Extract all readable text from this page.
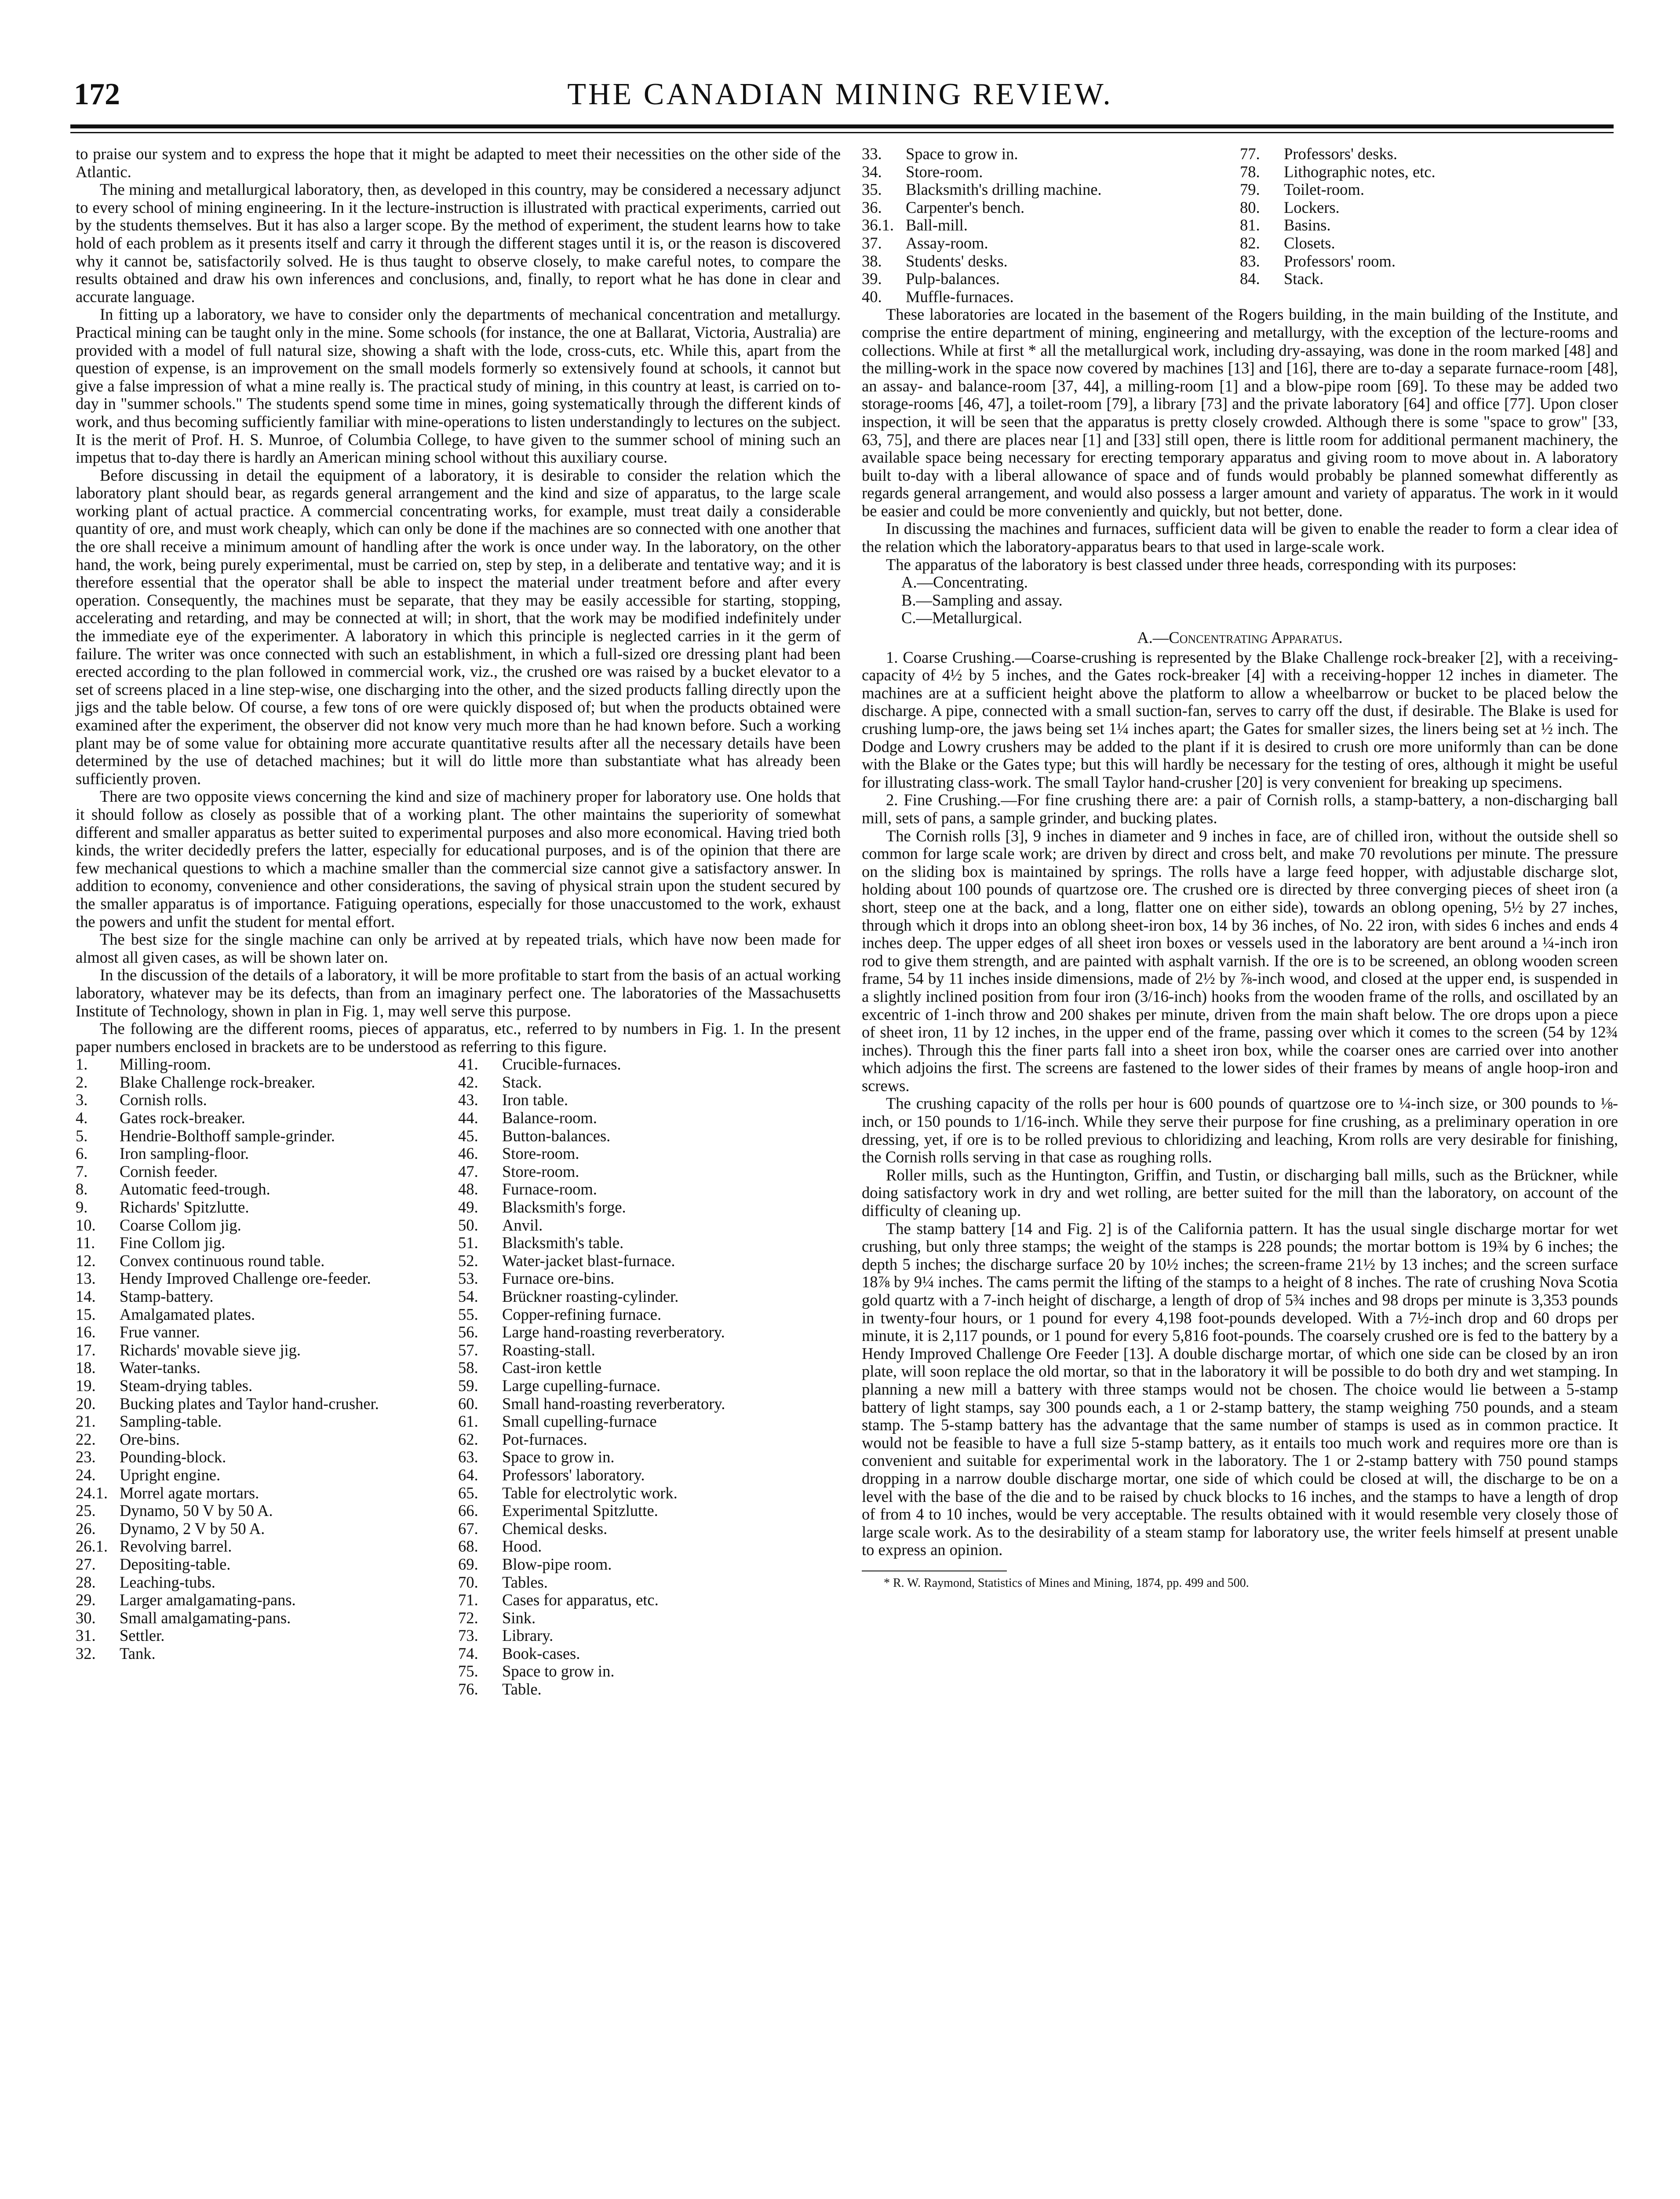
172	THE CANADIAN MINING REVIEW.

to praise our system and to express the hope that it might be adapted to meet their necessities on the other side of the Atlantic.

The mining and metallurgical laboratory, then, as developed in this country, may be considered a necessary adjunct to every school of mining engineering. In it the lecture-instruction is illustrated with practical experiments, carried out by the students themselves. But it has also a larger scope. By the method of experiment, the student learns how to take hold of each problem as it presents itself and carry it through the different stages until it is, or the reason is discovered why it cannot be, satisfactorily solved. He is thus taught to observe closely, to make careful notes, to compare the results obtained and draw his own inferences and conclusions, and, finally, to report what he has done in clear and accurate language.

In fitting up a laboratory, we have to consider only the departments of mechanical concentration and metallurgy. Practical mining can be taught only in the mine. Some schools (for instance, the one at Ballarat, Victoria, Australia) are provided with a model of full natural size, showing a shaft with the lode, cross-cuts, etc. While this, apart from the question of expense, is an improvement on the small models formerly so extensively found at schools, it cannot but give a false impression of what a mine really is. The practical study of mining, in this country at least, is carried on to-day in "summer schools." The students spend some time in mines, going systematically through the different kinds of work, and thus becoming sufficiently familiar with mine-operations to listen understandingly to lectures on the subject. It is the merit of Prof. H. S. Munroe, of Columbia College, to have given to the summer school of mining such an impetus that to-day there is hardly an American mining school without this auxiliary course.

Before discussing in detail the equipment of a laboratory, it is desirable to consider the relation which the laboratory plant should bear, as regards general arrangement and the kind and size of apparatus, to the large scale working plant of actual practice. A commercial concentrating works, for example, must treat daily a considerable quantity of ore, and must work cheaply, which can only be done if the machines are so connected with one another that the ore shall receive a minimum amount of handling after the work is once under way. In the laboratory, on the other hand, the work, being purely experimental, must be carried on, step by step, in a deliberate and tentative way; and it is therefore essential that the operator shall be able to inspect the material under treatment before and after every operation. Consequently, the machines must be separate, that they may be easily accessible for starting, stopping, accelerating and retarding, and may be connected at will; in short, that the work may be modified indefinitely under the immediate eye of the experimenter. A laboratory in which this principle is neglected carries in it the germ of failure. The writer was once connected with such an establishment, in which a full-sized ore dressing plant had been erected according to the plan followed in commercial work, viz., the crushed ore was raised by a bucket elevator to a set of screens placed in a line step-wise, one discharging into the other, and the sized products falling directly upon the jigs and the table below. Of course, a few tons of ore were quickly disposed of; but when the products obtained were examined after the experiment, the observer did not know very much more than he had known before. Such a working plant may be of some value for obtaining more accurate quantitative results after all the necessary details have been determined by the use of detached machines; but it will do little more than substantiate what has already been sufficiently proven.

There are two opposite views concerning the kind and size of machinery proper for laboratory use. One holds that it should follow as closely as possible that of a working plant. The other maintains the superiority of somewhat different and smaller apparatus as better suited to experimental purposes and also more economical. Having tried both kinds, the writer decidedly prefers the latter, especially for educational purposes, and is of the opinion that there are few mechanical questions to which a machine smaller than the commercial size cannot give a satisfactory answer. In addition to economy, convenience and other considerations, the saving of physical strain upon the student secured by the smaller apparatus is of importance. Fatiguing operations, especially for those unaccustomed to the work, exhaust the powers and unfit the student for mental effort.

The best size for the single machine can only be arrived at by repeated trials, which have now been made for almost all given cases, as will be shown later on.

In the discussion of the details of a laboratory, it will be more profitable to start from the basis of an actual working laboratory, whatever may be its defects, than from an imaginary perfect one. The laboratories of the Massachusetts Institute of Technology, shown in plan in Fig. 1, may well serve this purpose.

The following are the different rooms, pieces of apparatus, etc., referred to by numbers in Fig. 1. In the present paper numbers enclosed in brackets are to be understood as referring to this figure.

1.	Milling-room.
2.	Blake Challenge rock-breaker.
3.	Cornish rolls.
4.	Gates rock-breaker.
5.	Hendrie-Bolthoff sample-grinder.
6.	Iron sampling-floor.
7.	Cornish feeder.
8.	Automatic feed-trough.
9.	Richards' Spitzlutte.
10.	Coarse Collom jig.
11.	Fine Collom jig.
12.	Convex continuous round table.
13.	Hendy Improved Challenge ore-feeder.
14.	Stamp-battery.
15.	Amalgamated plates.
16.	Frue vanner.
17.	Richards' movable sieve jig.
18.	Water-tanks.
19.	Steam-drying tables.
20.	Bucking plates and Taylor hand-crusher.
21.	Sampling-table.
22.	Ore-bins.
23.	Pounding-block.
24.	Upright engine.
24.1. Morrel agate mortars.
25.	Dynamo, 50 V by 50 A.
26.	Dynamo, 2 V by 50 A.
26.1. Revolving barrel.
27.	Depositing-table.
28.	Leaching-tubs.
29.	Larger amalgamating-pans.
30.	Small amalgamating-pans.
31.	Settler.
32.	Tank.
41.	Crucible-furnaces.
42.	Stack.
43.	Iron table.
44.	Balance-room.
45.	Button-balances.
46.	Store-room.
47.	Store-room.
48.	Furnace-room.
49.	Blacksmith's forge.
50.	Anvil.
51.	Blacksmith's table.
52.	Water-jacket blast-furnace.
53.	Furnace ore-bins.
54.	Brückner roasting-cylinder.
55.	Copper-refining furnace.
56.	Large hand-roasting reverberatory.
57.	Roasting-stall.
58.	Cast-iron kettle
59.	Large cupelling-furnace.
60.	Small hand-roasting reverberatory.
61.	Small cupelling-furnace
62.	Pot-furnaces.
63.	Space to grow in.
64.	Professors' laboratory.
65.	Table for electrolytic work.
66.	Experimental Spitzlutte.
67.	Chemical desks.
68.	Hood.
69.	Blow-pipe room.
70.	Tables.
71.	Cases for apparatus, etc.
72.	Sink.
73.	Library.
74.	Book-cases.
75.	Space to grow in.
76.	Table.
33.	Space to grow in.
34.	Store-room.
35.	Blacksmith's drilling machine.
36.	Carpenter's bench.
36.1. Ball-mill.
37.	Assay-room.
38.	Students' desks.
39.	Pulp-balances.
40.	Muffle-furnaces.
77.	Professors' desks.
78.	Lithographic notes, etc.
79.	Toilet-room.
80.	Lockers.
81.	Basins.
82.	Closets.
83.	Professors' room.
84.	Stack.

These laboratories are located in the basement of the Rogers building, in the main building of the Institute, and comprise the entire department of mining, engineering and metallurgy, with the exception of the lecture-rooms and collections. While at first * all the metallurgical work, including dry-assaying, was done in the room marked [48] and the milling-work in the space now covered by machines [13] and [16], there are to-day a separate furnace-room [48], an assay- and balance-room [37, 44], a milling-room [1] and a blow-pipe room [69]. To these may be added two storage-rooms [46, 47], a toilet-room [79], a library [73] and the private laboratory [64] and office [77]. Upon closer inspection, it will be seen that the apparatus is pretty closely crowded. Although there is some "space to grow" [33, 63, 75], and there are places near [1] and [33] still open, there is little room for additional permanent machinery, the available space being necessary for erecting temporary apparatus and giving room to move about in. A laboratory built to-day with a liberal allowance of space and of funds would probably be planned somewhat differently as regards general arrangement, and would also possess a larger amount and variety of apparatus. The work in it would be easier and could be more conveniently and quickly, but not better, done.

In discussing the machines and furnaces, sufficient data will be given to enable the reader to form a clear idea of the relation which the laboratory-apparatus bears to that used in large-scale work.

The apparatus of the laboratory is best classed under three heads, corresponding with its purposes:

A.—Concentrating.
B.—Sampling and assay.
C.—Metallurgical.
A.—Concentrating Apparatus.

1. Coarse Crushing.—Coarse-crushing is represented by the Blake Challenge rock-breaker [2], with a receiving-capacity of 4½ by 5 inches, and the Gates rock-breaker [4] with a receiving-hopper 12 inches in diameter. The machines are at a sufficient height above the platform to allow a wheelbarrow or bucket to be placed below the discharge. A pipe, connected with a small suction-fan, serves to carry off the dust, if desirable. The Blake is used for crushing lump-ore, the jaws being set 1¼ inches apart; the Gates for smaller sizes, the liners being set at ½ inch. The Dodge and Lowry crushers may be added to the plant if it is desired to crush ore more uniformly than can be done with the Blake or the Gates type; but this will hardly be necessary for the testing of ores, although it might be useful for illustrating class-work. The small Taylor hand-crusher [20] is very convenient for breaking up specimens.

2. Fine Crushing.—For fine crushing there are: a pair of Cornish rolls, a stamp-battery, a non-discharging ball mill, sets of pans, a sample grinder, and bucking plates.

The Cornish rolls [3], 9 inches in diameter and 9 inches in face, are of chilled iron, without the outside shell so common for large scale work; are driven by direct and cross belt, and make 70 revolutions per minute. The pressure on the sliding box is maintained by springs. The rolls have a large feed hopper, with adjustable discharge slot, holding about 100 pounds of quartzose ore. The crushed ore is directed by three converging pieces of sheet iron (a short, steep one at the back, and a long, flatter one on either side), towards an oblong opening, 5½ by 27 inches, through which it drops into an oblong sheet-iron box, 14 by 36 inches, of No. 22 iron, with sides 6 inches and ends 4 inches deep. The upper edges of all sheet iron boxes or vessels used in the laboratory are bent around a ¼-inch iron rod to give them strength, and are painted with asphalt varnish. If the ore is to be screened, an oblong wooden screen frame, 54 by 11 inches inside dimensions, made of 2½ by ⅞-inch wood, and closed at the upper end, is suspended in a slightly inclined position from four iron (3/16-inch) hooks from the wooden frame of the rolls, and oscillated by an excentric of 1-inch throw and 200 shakes per minute, driven from the main shaft below. The ore drops upon a piece of sheet iron, 11 by 12 inches, in the upper end of the frame, passing over which it comes to the screen (54 by 12¾ inches). Through this the finer parts fall into a sheet iron box, while the coarser ones are carried over into another which adjoins the first. The screens are fastened to the lower sides of their frames by means of angle hoop-iron and screws.

The crushing capacity of the rolls per hour is 600 pounds of quartzose ore to ¼-inch size, or 300 pounds to ⅛-inch, or 150 pounds to 1/16-inch. While they serve their purpose for fine crushing, as a preliminary operation in ore dressing, yet, if ore is to be rolled previous to chloridizing and leaching, Krom rolls are very desirable for finishing, the Cornish rolls serving in that case as roughing rolls.

Roller mills, such as the Huntington, Griffin, and Tustin, or discharging ball mills, such as the Brückner, while doing satisfactory work in dry and wet rolling, are better suited for the mill than the laboratory, on account of the difficulty of cleaning up.

The stamp battery [14 and Fig. 2] is of the California pattern. It has the usual single discharge mortar for wet crushing, but only three stamps; the weight of the stamps is 228 pounds; the mortar bottom is 19¾ by 6 inches; the depth 5 inches; the discharge surface 20 by 10½ inches; the screen-frame 21½ by 13 inches; and the screen surface 18⅞ by 9¼ inches. The cams permit the lifting of the stamps to a height of 8 inches. The rate of crushing Nova Scotia gold quartz with a 7-inch height of discharge, a length of drop of 5¾ inches and 98 drops per minute is 3,353 pounds in twenty-four hours, or 1 pound for every 4,198 foot-pounds developed. With a 7½-inch drop and 60 drops per minute, it is 2,117 pounds, or 1 pound for every 5,816 foot-pounds. The coarsely crushed ore is fed to the battery by a Hendy Improved Challenge Ore Feeder [13]. A double discharge mortar, of which one side can be closed by an iron plate, will soon replace the old mortar, so that in the laboratory it will be possible to do both dry and wet stamping. In planning a new mill a battery with three stamps would not be chosen. The choice would lie between a 5-stamp battery of light stamps, say 300 pounds each, a 1 or 2-stamp battery, the stamp weighing 750 pounds, and a steam stamp. The 5-stamp battery has the advantage that the same number of stamps is used as in common practice. It would not be feasible to have a full size 5-stamp battery, as it entails too much work and requires more ore than is convenient and suitable for experimental work in the laboratory. The 1 or 2-stamp battery with 750 pound stamps dropping in a narrow double discharge mortar, one side of which could be closed at will, the discharge to be on a level with the base of the die and to be raised by chuck blocks to 16 inches, and the stamps to have a length of drop of from 4 to 10 inches, would be very acceptable. The results obtained with it would resemble very closely those of large scale work. As to the desirability of a steam stamp for laboratory use, the writer feels himself at present unable to express an opinion.

* R. W. Raymond, Statistics of Mines and Mining, 1874, pp. 499 and 500.
